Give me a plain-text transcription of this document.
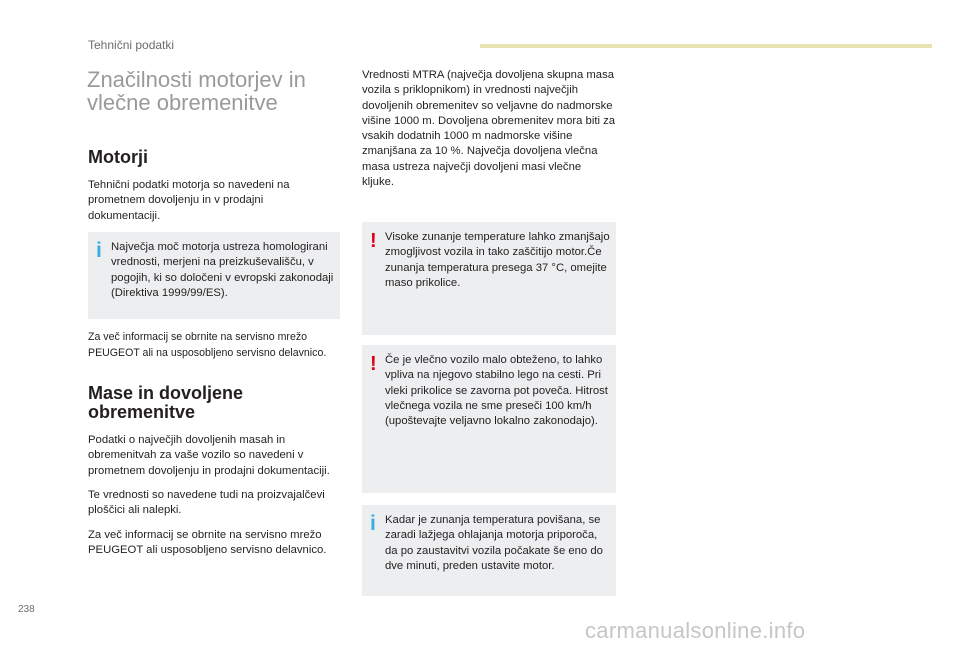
Tehnični podatki
Značilnosti motorjev in vlečne obremenitve
Motorji

Tehnični podatki motorja so navedeni na prometnem dovoljenju in v prodajni dokumentaciji.

i Največja moč motorja ustreza homologirani vrednosti, merjeni na preizkuševališču, v pogojih, ki so določeni v evropski zakonodaji (Direktiva 1999/99/ES).

Za več informacij se obrnite na servisno mrežo PEUGEOT ali na usposobljeno servisno delavnico.

Mase in dovoljene obremenitve

Podatki o največjih dovoljenih masah in obremenitvah za vaše vozilo so navedeni v prometnem dovoljenju in prodajni dokumentaciji.

Te vrednosti so navedene tudi na proizvajalčevi ploščici ali nalepki.

Za več informacij se obrnite na servisno mrežo PEUGEOT ali usposobljeno servisno delavnico.

Vrednosti MTRA (največja dovoljena skupna masa vozila s priklopnikom) in vrednosti največjih dovoljenih obremenitev so veljavne do nadmorske višine 1000 m. Dovoljena obremenitev mora biti za vsakih dodatnih 1000 m nadmorske višine zmanjšana za 10 %. Največja dovoljena vlečna masa ustreza največji dovoljeni masi vlečne kljuke.

! Visoke zunanje temperature lahko zmanjšajo zmogljivost vozila in tako zaščitijo motor.Če zunanja temperatura presega 37 °C, omejite maso prikolice.
! Če je vlečno vozilo malo obteženo, to lahko vpliva na njegovo stabilno lego na cesti. Pri vleki prikolice se zavorna pot poveča. Hitrost vlečnega vozila ne sme preseči 100 km/h (upoštevajte veljavno lokalno zakonodajo).
i Kadar je zunanja temperatura povišana, se zaradi lažjega ohlajanja motorja priporoča, da po zaustavitvi vozila počakate še eno do dve minuti, preden ustavite motor.
238
carmanualsonline.info
